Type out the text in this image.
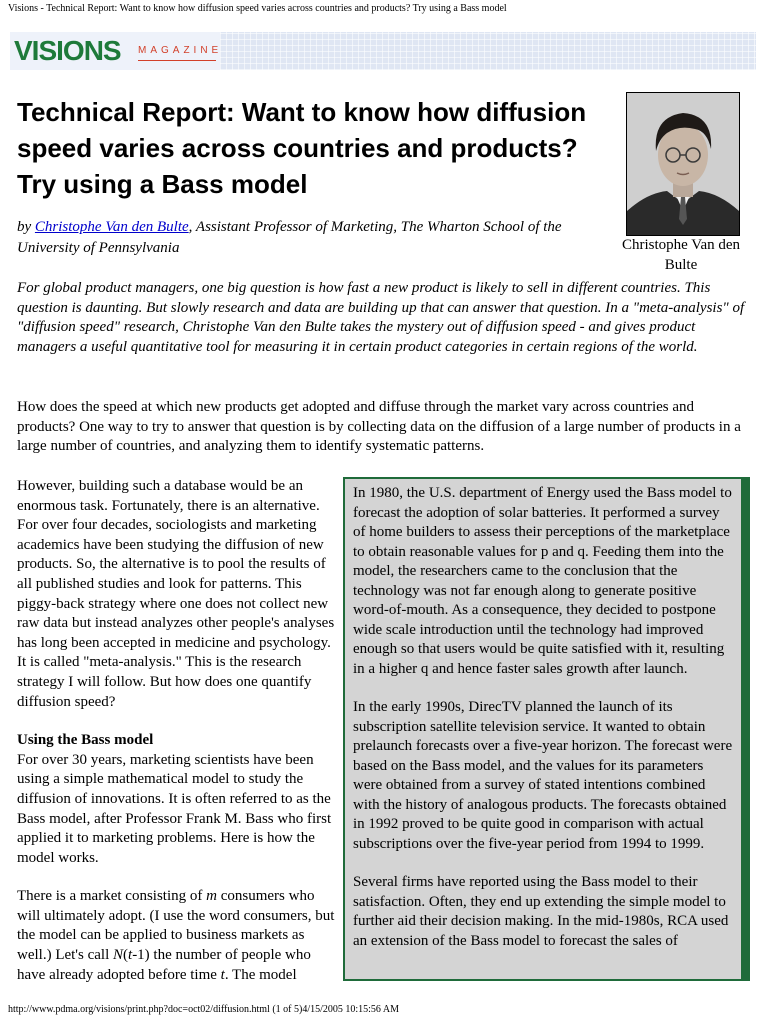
Visions - Technical Report: Want to know how diffusion speed varies across countries and products? Try using a Bass model
VISIONS MAGAZINE
Technical Report: Want to know how diffusion speed varies across countries and products? Try using a Bass model
Christophe Van den Bulte
by Christophe Van den Bulte, Assistant Professor of Marketing, The Wharton School of the University of Pennsylvania
For global product managers, one big question is how fast a new product is likely to sell in different countries. This question is daunting. But slowly research and data are building up that can answer that question. In a "meta-analysis" of "diffusion speed" research, Christophe Van den Bulte takes the mystery out of diffusion speed - and gives product managers a useful quantitative tool for measuring it in certain product categories in certain regions of the world.
How does the speed at which new products get adopted and diffuse through the market vary across countries and products? One way to try to answer that question is by collecting data on the diffusion of a large number of products in a large number of countries, and analyzing them to identify systematic patterns.

However, building such a database would be an enormous task. Fortunately, there is an alternative. For over four decades, sociologists and marketing academics have been studying the diffusion of new products. So, the alternative is to pool the results of all published studies and look for patterns. This piggy-back strategy where one does not collect new raw data but instead analyzes other people's analyses has long been accepted in medicine and psychology. It is called "meta-analysis." This is the research strategy I will follow. But how does one quantify diffusion speed?

Using the Bass model
For over 30 years, marketing scientists have been using a simple mathematical model to study the diffusion of innovations. It is often referred to as the Bass model, after Professor Frank M. Bass who first applied it to marketing problems. Here is how the model works.

There is a market consisting of m consumers who will ultimately adopt. (I use the word consumers, but the model can be applied to business markets as well.) Let's call N(t-1) the number of people who have already adopted before time t. The model

In 1980, the U.S. department of Energy used the Bass model to forecast the adoption of solar batteries. It performed a survey of home builders to assess their perceptions of the marketplace to obtain reasonable values for p and q. Feeding them into the model, the researchers came to the conclusion that the technology was not far enough along to generate positive word-of-mouth. As a consequence, they decided to postpone wide scale introduction until the technology had improved enough so that users would be quite satisfied with it, resulting in a higher q and hence faster sales growth after launch.

In the early 1990s, DirecTV planned the launch of its subscription satellite television service. It wanted to obtain prelaunch forecasts over a five-year horizon. The forecast were based on the Bass model, and the values for its parameters were obtained from a survey of stated intentions combined with the history of analogous products. The forecasts obtained in 1992 proved to be quite good in comparison with actual subscriptions over the five-year period from 1994 to 1999.

Several firms have reported using the Bass model to their satisfaction. Often, they end up extending the simple model to further aid their decision making. In the mid-1980s, RCA used an extension of the Bass model to forecast the sales of

http://www.pdma.org/visions/print.php?doc=oct02/diffusion.html (1 of 5)4/15/2005 10:15:56 AM
